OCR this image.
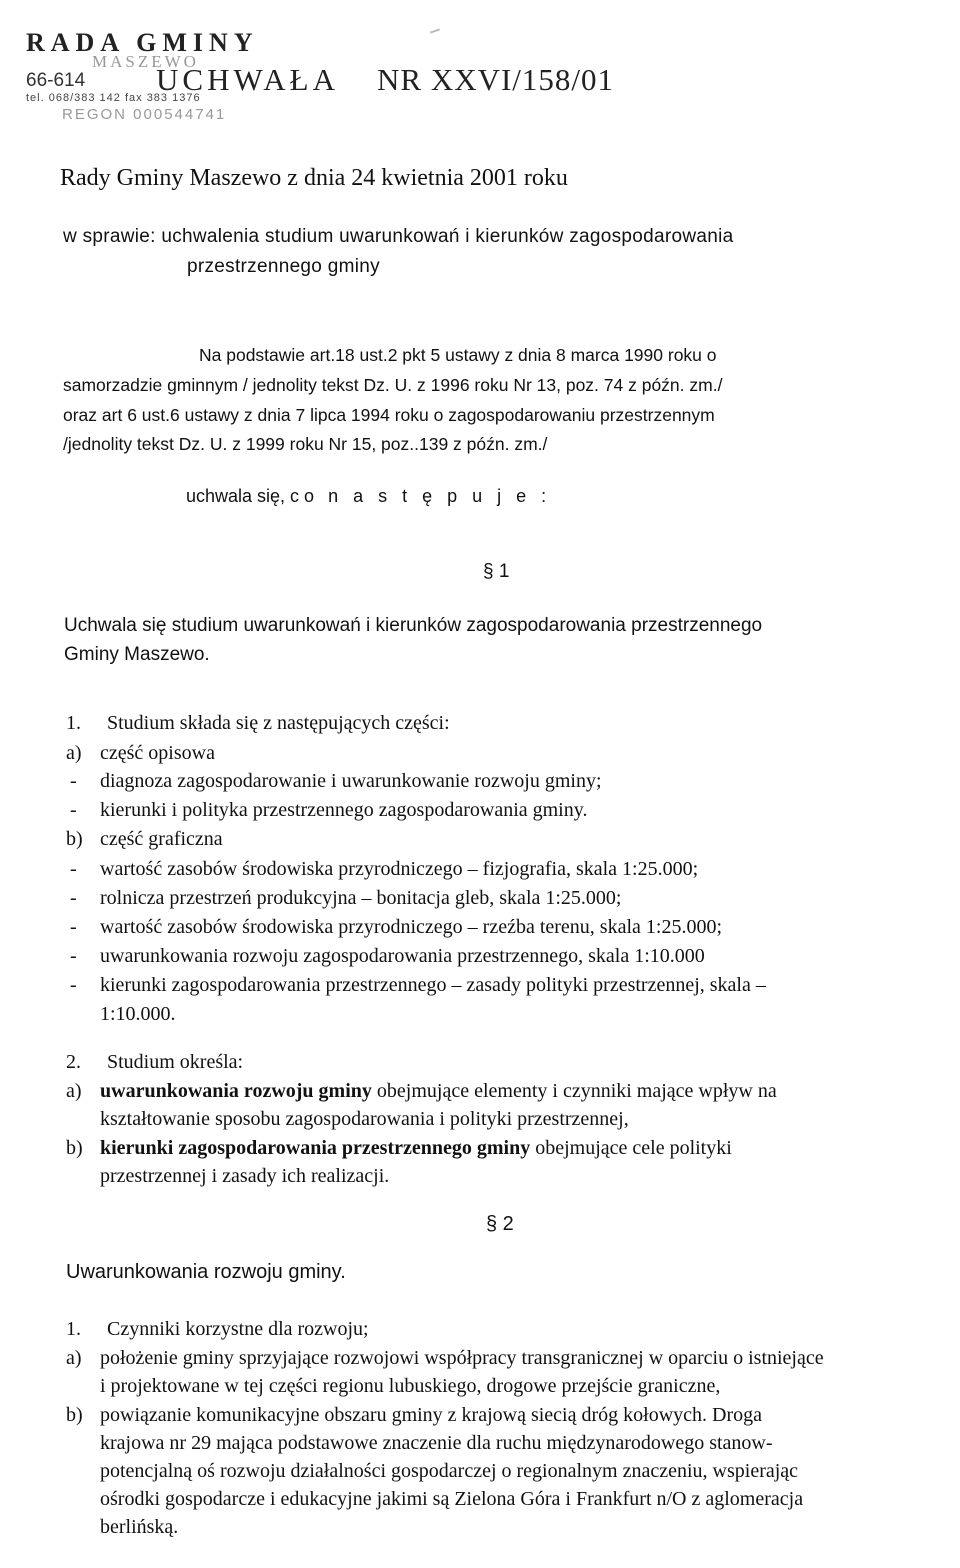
RADA GMINY
MASZEWO
66-614
tel. 068/383 142 fax 383 1376
REGON 000544741
UCHWAŁA NR XXVI/158/01
Rady Gminy Maszewo z dnia 24 kwietnia 2001 roku
w sprawie: uchwalenia studium uwarunkowań i kierunków zagospodarowania
przestrzennego gminy
Na podstawie art.18 ust.2 pkt 5 ustawy z dnia 8 marca 1990 roku o
samorzadzie gminnym / jednolity tekst Dz. U. z 1996 roku Nr 13, poz. 74 z późn. zm./
oraz art 6 ust.6 ustawy z dnia 7 lipca 1994 roku o zagospodarowaniu przestrzennym
/jednolity tekst Dz. U. z 1999 roku Nr 15, poz..139 z późn. zm./
uchwala się, c o n a s t ę p u j e :
§ 1
Uchwala się studium uwarunkowań i kierunków zagospodarowania przestrzennego
Gminy Maszewo.
1. Studium składa się z następujących części:
a) część opisowa
- diagnoza zagospodarowanie i uwarunkowanie rozwoju gminy;
- kierunki i polityka przestrzennego zagospodarowania gminy.
b) część graficzna
- wartość zasobów środowiska przyrodniczego – fizjografia, skala 1:25.000;
- rolnicza przestrzeń produkcyjna – bonitacja gleb, skala 1:25.000;
- wartość zasobów środowiska przyrodniczego – rzeźba terenu, skala 1:25.000;
- uwarunkowania rozwoju zagospodarowania przestrzennego, skala 1:10.000
- kierunki zagospodarowania przestrzennego – zasady polityki przestrzennej, skala –
1:10.000.
2. Studium określa:
a) uwarunkowania rozwoju gminy obejmujące elementy i czynniki mające wpływ na
kształtowanie sposobu zagospodarowania i polityki przestrzennej,
b) kierunki zagospodarowania przestrzennego gminy obejmujące cele polityki
przestrzennej i zasady ich realizacji.
§ 2
Uwarunkowania rozwoju gminy.
1. Czynniki korzystne dla rozwoju;
a) położenie gminy sprzyjające rozwojowi współpracy transgranicznej w oparciu o istniejące
i projektowane w tej części regionu lubuskiego, drogowe przejście graniczne,
b) powiązanie komunikacyjne obszaru gminy z krajową siecią dróg kołowych. Droga
krajowa nr 29 mająca podstawowe znaczenie dla ruchu międzynarodowego stanow-
potencjalną oś rozwoju działalności gospodarczej o regionalnym znaczeniu, wspierając
ośrodki gospodarcze i edukacyjne jakimi są Zielona Góra i Frankfurt n/O z aglomeracja
berlińską.
